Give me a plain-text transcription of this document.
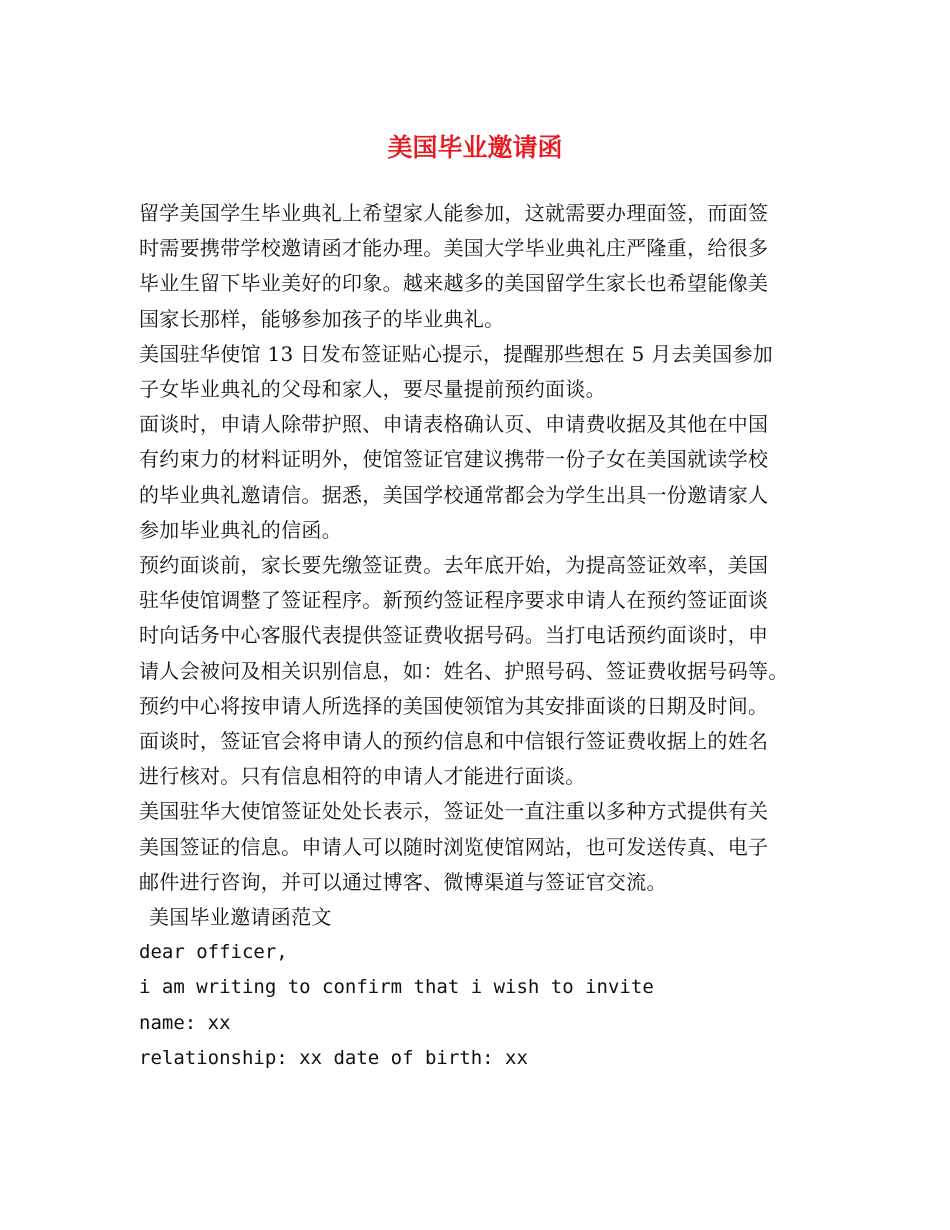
美国毕业邀请函

留学美国学生毕业典礼上希望家人能参加，这就需要办理面签，而面签

时需要携带学校邀请函才能办理。美国大学毕业典礼庄严隆重，给很多

毕业生留下毕业美好的印象。越来越多的美国留学生家长也希望能像美

国家长那样，能够参加孩子的毕业典礼。

美国驻华使馆 13 日发布签证贴心提示，提醒那些想在 5 月去美国参加

子女毕业典礼的父母和家人，要尽量提前预约面谈。

面谈时，申请人除带护照、申请表格确认页、申请费收据及其他在中国

有约束力的材料证明外，使馆签证官建议携带一份子女在美国就读学校

的毕业典礼邀请信。据悉，美国学校通常都会为学生出具一份邀请家人

参加毕业典礼的信函。

预约面谈前，家长要先缴签证费。去年底开始，为提高签证效率，美国

驻华使馆调整了签证程序。新预约签证程序要求申请人在预约签证面谈

时向话务中心客服代表提供签证费收据号码。当打电话预约面谈时，申

请人会被问及相关识别信息，如：姓名、护照号码、签证费收据号码等。

预约中心将按申请人所选择的美国使领馆为其安排面谈的日期及时间。

面谈时，签证官会将申请人的预约信息和中信银行签证费收据上的姓名

进行核对。只有信息相符的申请人才能进行面谈。

美国驻华大使馆签证处处长表示，签证处一直注重以多种方式提供有关

美国签证的信息。申请人可以随时浏览使馆网站，也可发送传真、电子

邮件进行咨询，并可以通过博客、微博渠道与签证官交流。

美国毕业邀请函范文

dear officer,

i am writing to confirm that i wish to invite

name: xx

relationship: xx date of birth: xx
